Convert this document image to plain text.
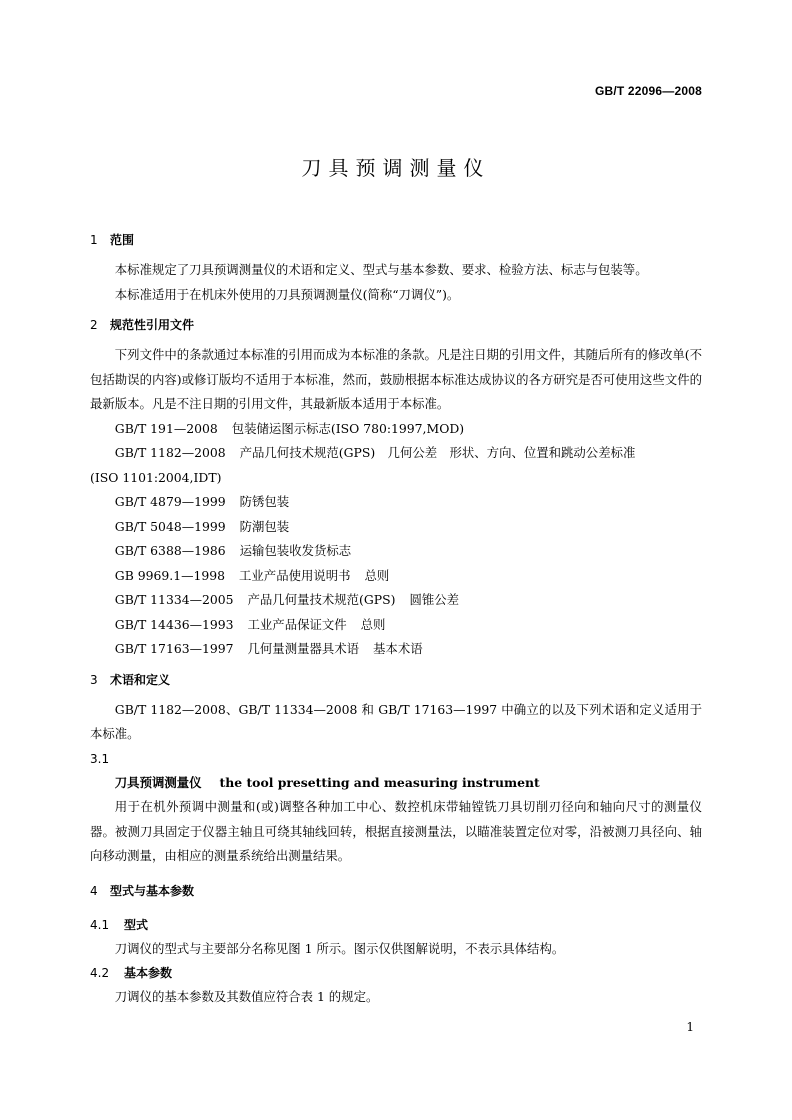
GB/T 22096—2008
刀具预调测量仪
1 范围

本标准规定了刀具预调测量仪的术语和定义、型式与基本参数、要求、检验方法、标志与包装等。

本标准适用于在机床外使用的刀具预调测量仪(简称“刀调仪”)。

2 规范性引用文件

下列文件中的条款通过本标准的引用而成为本标准的条款。凡是注日期的引用文件，其随后所有的修改单(不包括勘误的内容)或修订版均不适用于本标准，然而，鼓励根据本标准达成协议的各方研究是否可使用这些文件的最新版本。凡是不注日期的引用文件，其最新版本适用于本标准。

GB/T 191—2008 包装储运图示标志(ISO 780:1997,MOD)
GB/T 1182—2008 产品几何技术规范(GPS)　几何公差　形状、方向、位置和跳动公差标准

(ISO 1101:2004,IDT)

GB/T 4879—1999 防锈包装
GB/T 5048—1999 防潮包装
GB/T 6388—1986 运输包装收发货标志
GB 9969.1—1998 工业产品使用说明书 总则
GB/T 11334—2005 产品几何量技术规范(GPS) 圆锥公差
GB/T 14436—1993 工业产品保证文件 总则
GB/T 17163—1997 几何量测量器具术语 基本术语
3 术语和定义

GB/T 1182—2008、GB/T 11334—2008 和 GB/T 17163—1997 中确立的以及下列术语和定义适用于本标准。

3.1
刀具预调测量仪 the tool presetting and measuring instrument

用于在机外预调中测量和(或)调整各种加工中心、数控机床带轴镗铣刀具切削刃径向和轴向尺寸的测量仪器。被测刀具固定于仪器主轴且可绕其轴线回转，根据直接测量法，以瞄准装置定位对零，沿被测刀具径向、轴向移动测量，由相应的测量系统给出测量结果。

4 型式与基本参数
4.1 型式

刀调仪的型式与主要部分名称见图 1 所示。图示仅供图解说明，不表示具体结构。

4.2 基本参数

刀调仪的基本参数及其数值应符合表 1 的规定。

1
